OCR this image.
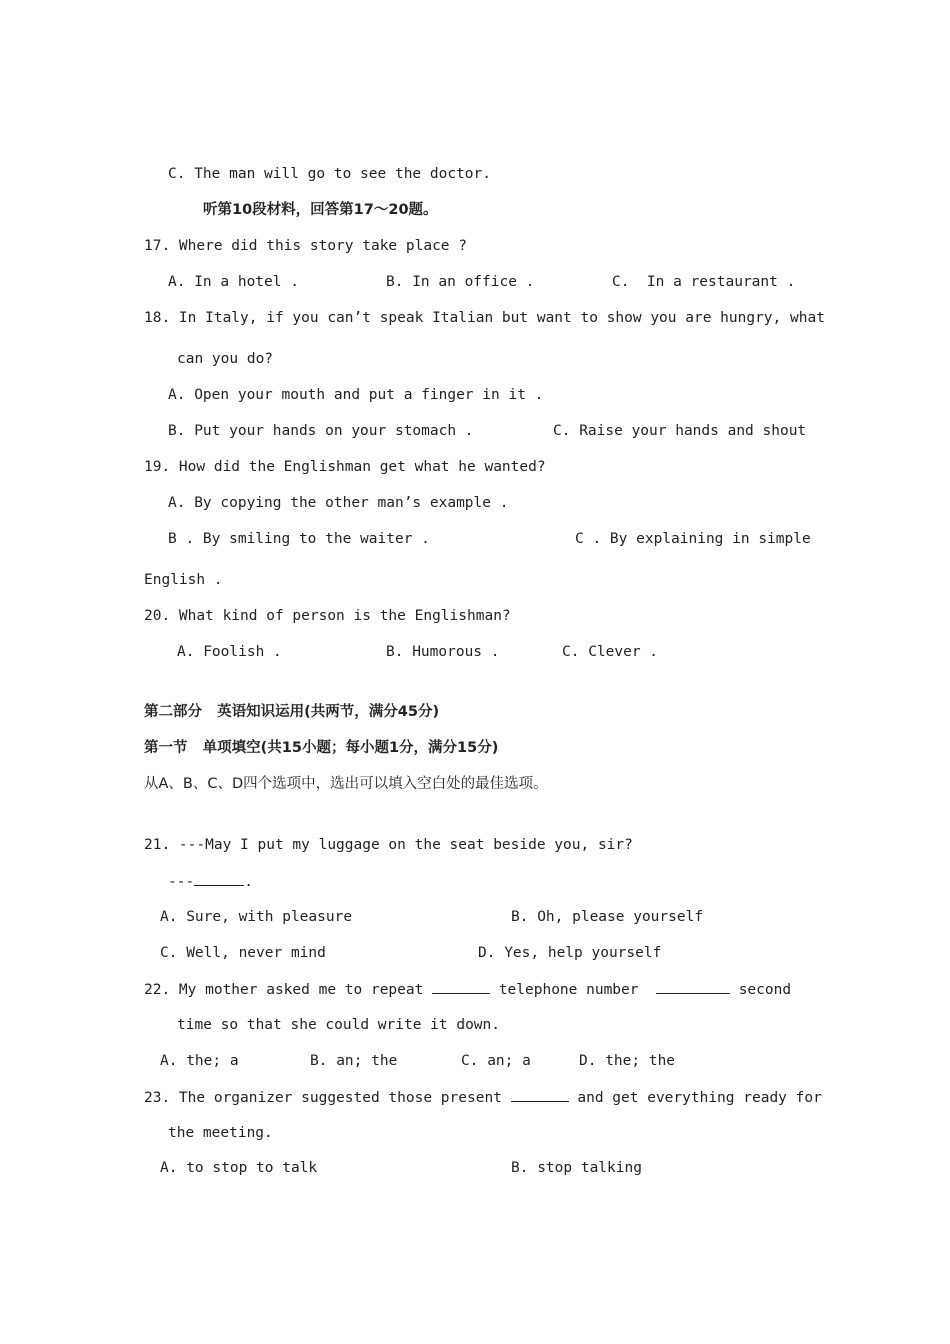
C. The man will go to see the doctor.
听第10段材料，回答第17～20题。
17. Where did this story take place ?
A. In a hotel .	B. In an office .	C.  In a restaurant .
18. In Italy, if you can’t speak Italian but want to show you are hungry, what
can you do?
A. Open your mouth and put a finger in it .
B. Put your hands on your stomach .	C. Raise your hands and shout
19. How did the Englishman get what he wanted?
A. By copying the other man’s example .
B . By smiling to the waiter .	C . By explaining in simple
English .
20. What kind of person is the Englishman?
A. Foolish .	B. Humorous .	C. Clever .
第二部分   英语知识运用(共两节，满分45分)
第一节   单项填空(共15小题；每小题1分，满分15分)
从A、B、C、D四个选项中，选出可以填入空白处的最佳选项。
21. ---May I put my luggage on the seat beside you, sir?
---	.
A. Sure, with pleasure	B. Oh, please yourself
C. Well, never mind	D. Yes, help yourself
22. My mother asked me to repeat	telephone number	second
time so that she could write it down.
A. the; a	B. an; the	C. an; a	D. the; the
23. The organizer suggested those present	and get everything ready for
the meeting.
A. to stop to talk	B. stop talking
